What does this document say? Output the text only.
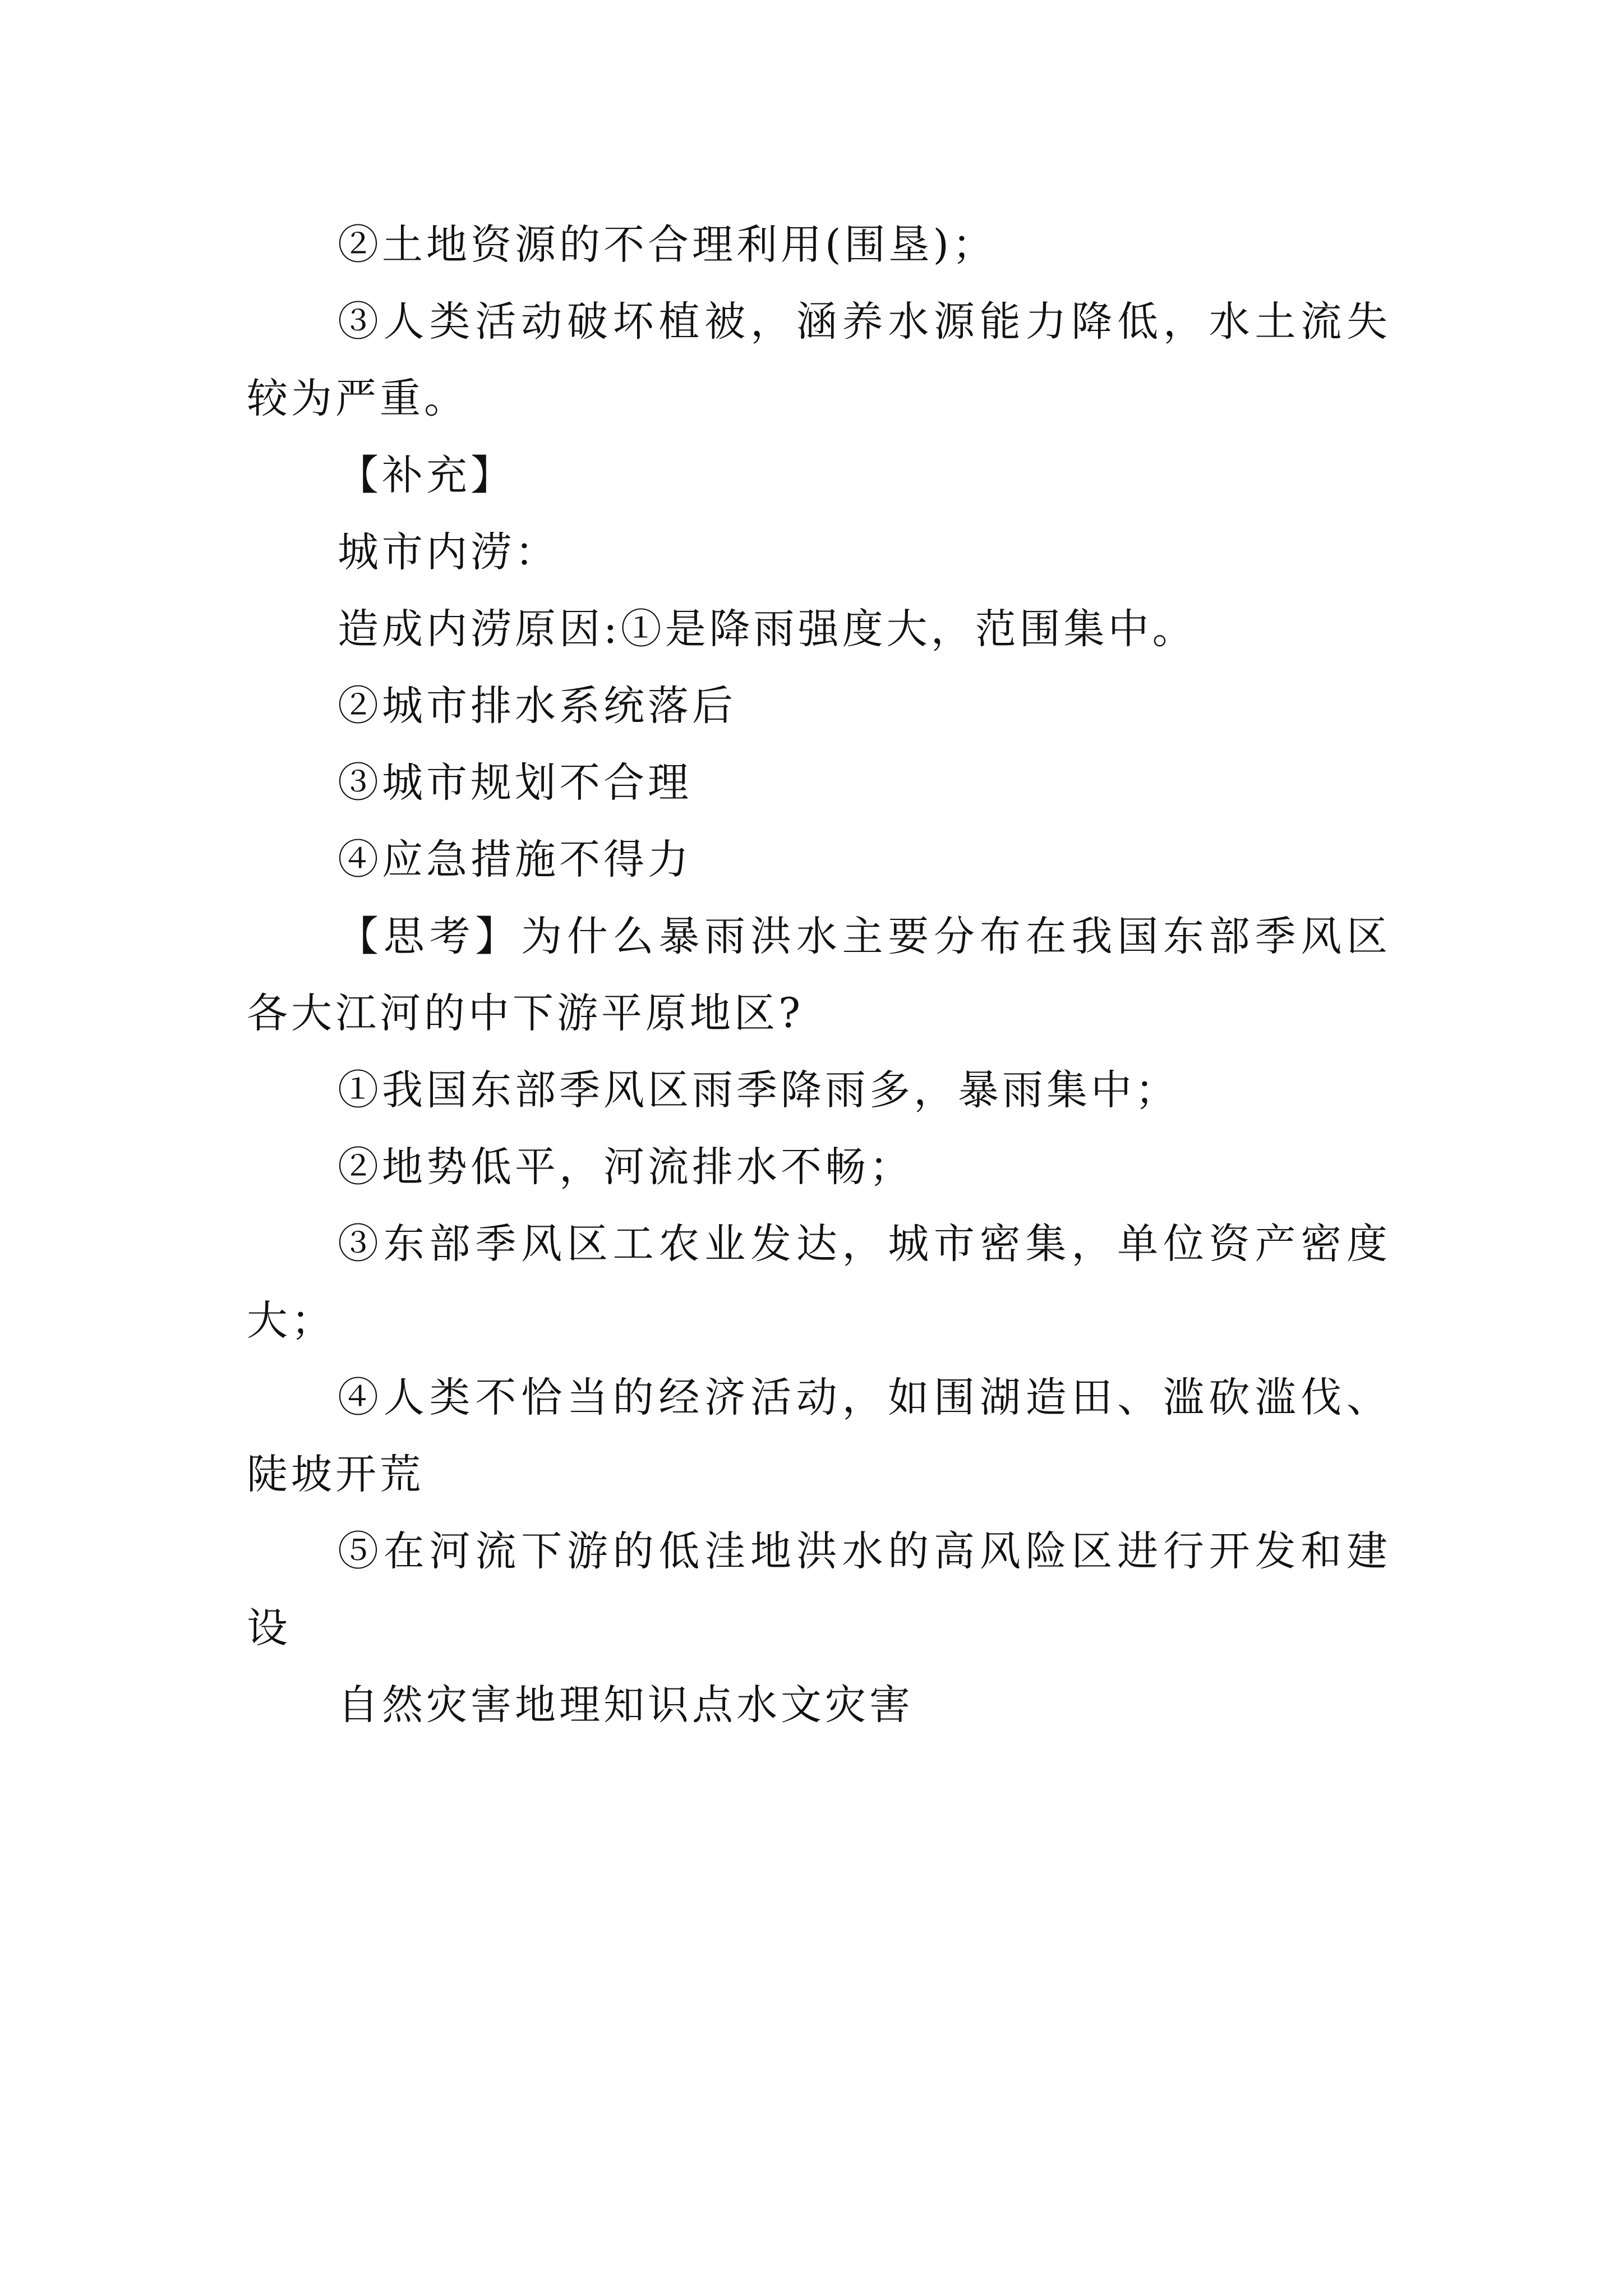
②土地资源的不合理利用(围垦)；

③人类活动破坏植被，涵养水源能力降低，水土流失较为严重。

【补充】

城市内涝：

造成内涝原因:①是降雨强度大，范围集中。

②城市排水系统落后

③城市规划不合理

④应急措施不得力

【思考】为什么暴雨洪水主要分布在我国东部季风区各大江河的中下游平原地区?

①我国东部季风区雨季降雨多，暴雨集中；

②地势低平，河流排水不畅；

③东部季风区工农业发达，城市密集，单位资产密度大；

④人类不恰当的经济活动，如围湖造田、滥砍滥伐、陡坡开荒

⑤在河流下游的低洼地洪水的高风险区进行开发和建设

自然灾害地理知识点水文灾害
